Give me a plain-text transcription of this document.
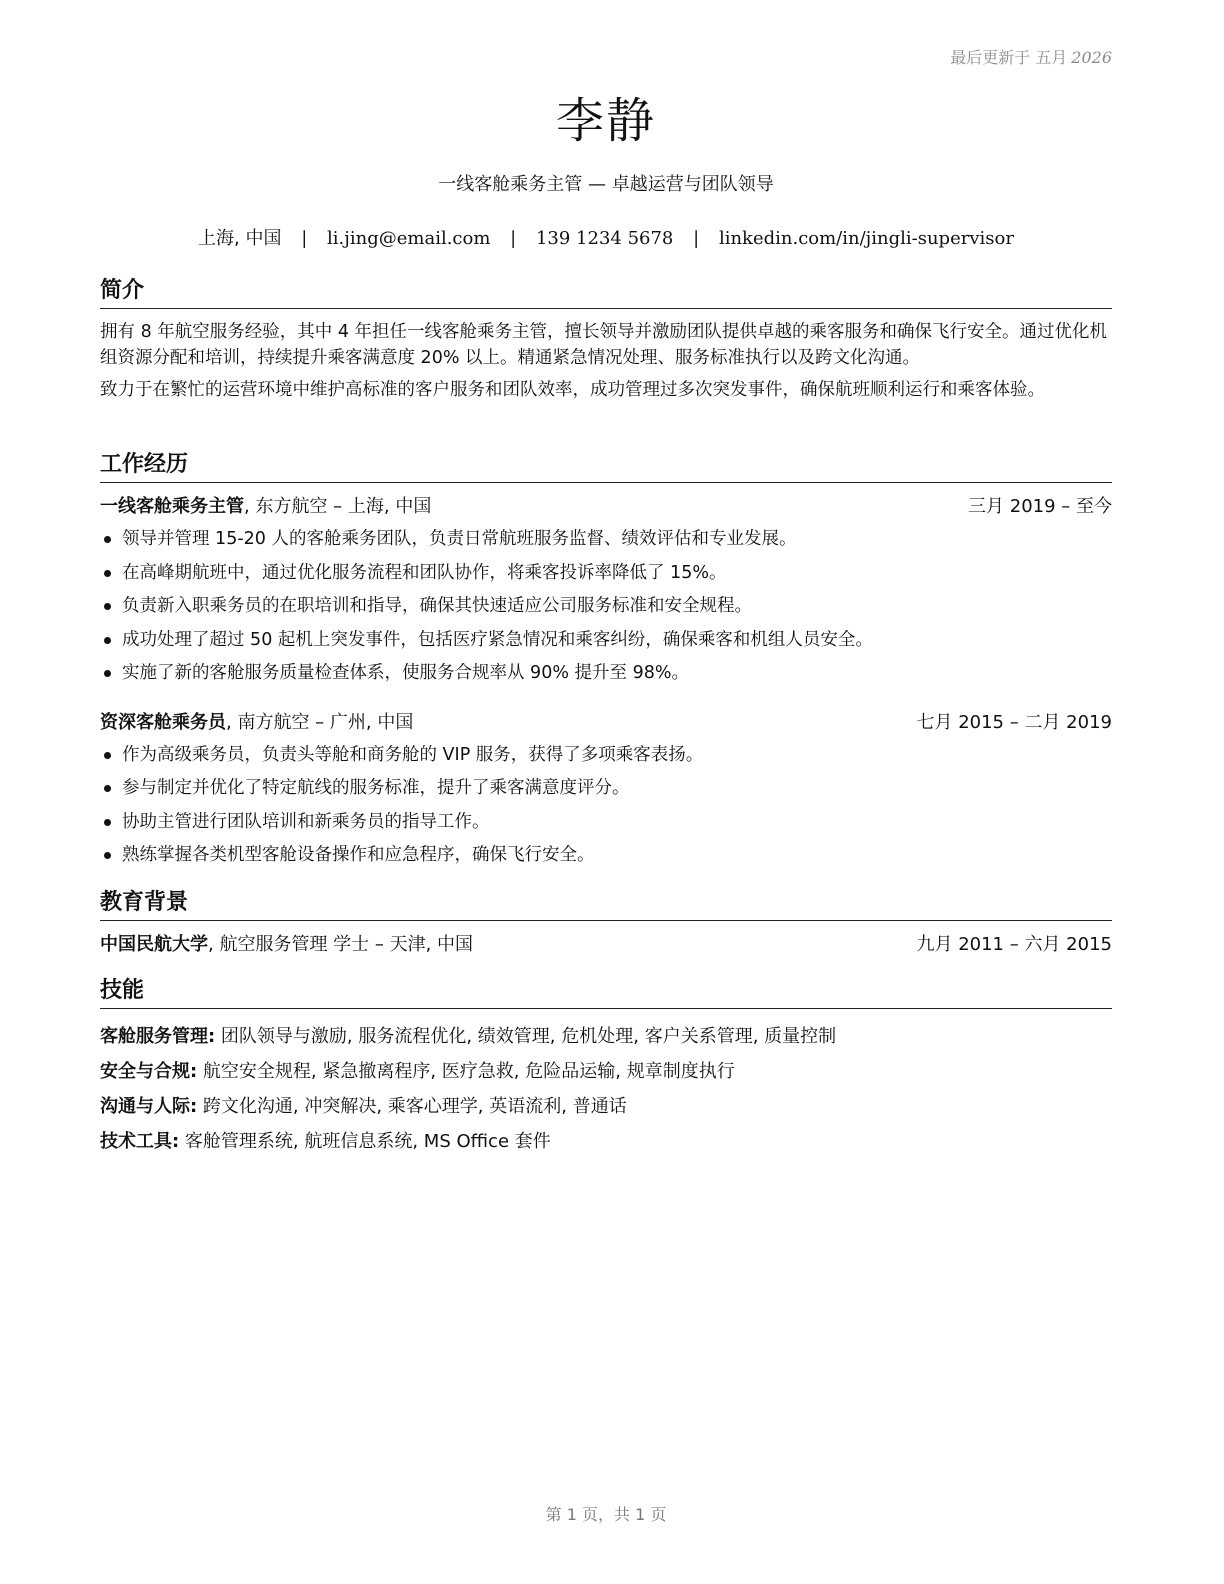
最后更新于 五月 2026
李静
一线客舱乘务主管 — 卓越运营与团队领导
上海, 中国 | li.jing@email.com | 139 1234 5678 | linkedin.com/in/jingli-supervisor
简介

拥有 8 年航空服务经验，其中 4 年担任一线客舱乘务主管，擅长领导并激励团队提供卓越的乘客服务和确保飞行安全。通过优化机组资源分配和培训，持续提升乘客满意度 20% 以上。精通紧急情况处理、服务标准执行以及跨文化沟通。

致力于在繁忙的运营环境中维护高标准的客户服务和团队效率，成功管理过多次突发事件，确保航班顺利运行和乘客体验。

工作经历
一线客舱乘务主管, 东方航空 – 上海, 中国	三月 2019 – 至今
领导并管理 15-20 人的客舱乘务团队，负责日常航班服务监督、绩效评估和专业发展。
在高峰期航班中，通过优化服务流程和团队协作，将乘客投诉率降低了 15%。
负责新入职乘务员的在职培训和指导，确保其快速适应公司服务标准和安全规程。
成功处理了超过 50 起机上突发事件，包括医疗紧急情况和乘客纠纷，确保乘客和机组人员安全。
实施了新的客舱服务质量检查体系，使服务合规率从 90% 提升至 98%。
资深客舱乘务员, 南方航空 – 广州, 中国	七月 2015 – 二月 2019
作为高级乘务员，负责头等舱和商务舱的 VIP 服务，获得了多项乘客表扬。
参与制定并优化了特定航线的服务标准，提升了乘客满意度评分。
协助主管进行团队培训和新乘务员的指导工作。
熟练掌握各类机型客舱设备操作和应急程序，确保飞行安全。
教育背景
中国民航大学, 航空服务管理 学士 – 天津, 中国	九月 2011 – 六月 2015
技能
客舱服务管理: 团队领导与激励, 服务流程优化, 绩效管理, 危机处理, 客户关系管理, 质量控制
安全与合规: 航空安全规程, 紧急撤离程序, 医疗急救, 危险品运输, 规章制度执行
沟通与人际: 跨文化沟通, 冲突解决, 乘客心理学, 英语流利, 普通话
技术工具: 客舱管理系统, 航班信息系统, MS Office 套件
第 1 页，共 1 页
